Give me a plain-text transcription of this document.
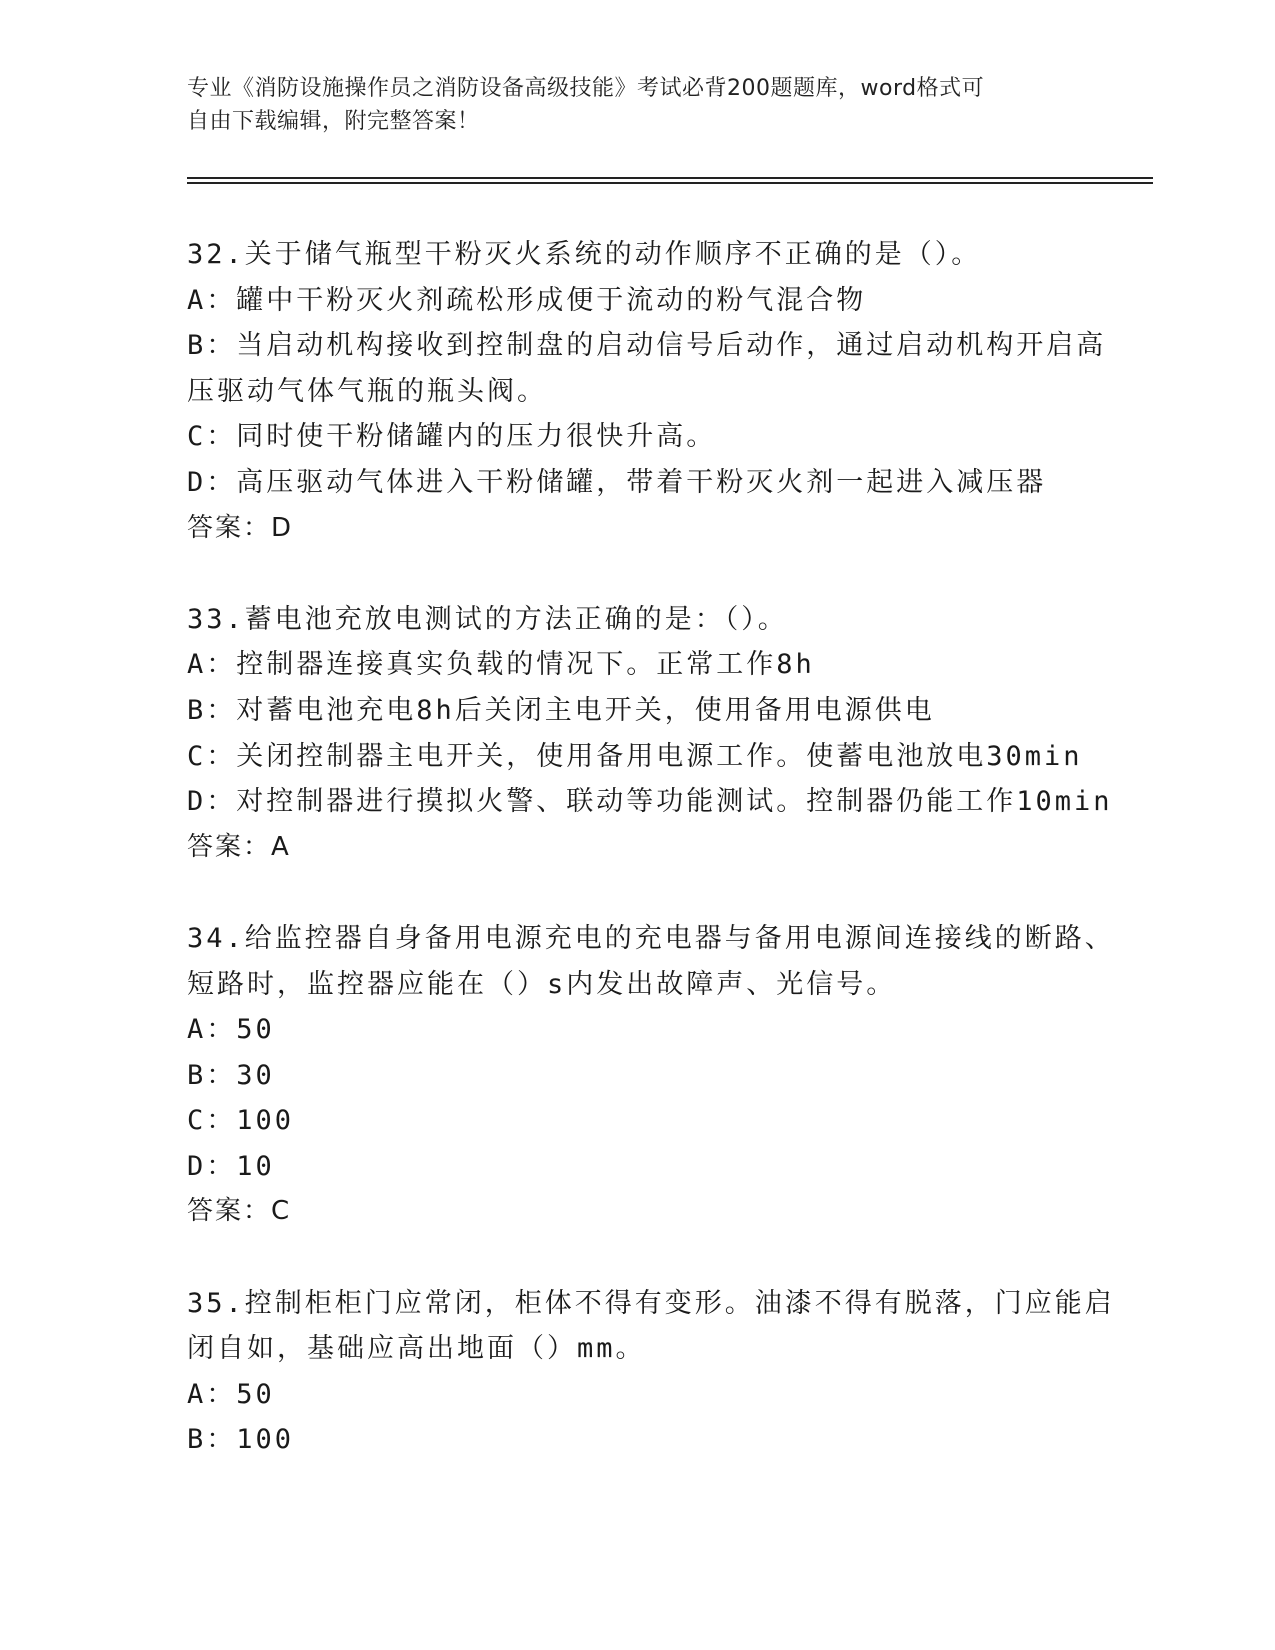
专业《消防设施操作员之消防设备高级技能》考试必背200题题库，word格式可
自由下载编辑，附完整答案！
32.关于储气瓶型干粉灭火系统的动作顺序不正确的是（）。
A：罐中干粉灭火剂疏松形成便于流动的粉气混合物
B：当启动机构接收到控制盘的启动信号后动作，通过启动机构开启高
压驱动气体气瓶的瓶头阀。
C：同时使干粉储罐内的压力很快升高。
D：高压驱动气体进入干粉储罐，带着干粉灭火剂一起进入减压器
答案：D
33.蓄电池充放电测试的方法正确的是：（）。
A：控制器连接真实负载的情况下。正常工作8h
B：对蓄电池充电8h后关闭主电开关，使用备用电源供电
C：关闭控制器主电开关，使用备用电源工作。使蓄电池放电30min
D：对控制器进行摸拟火警、联动等功能测试。控制器仍能工作10min
答案：A
34.给监控器自身备用电源充电的充电器与备用电源间连接线的断路、
短路时，监控器应能在（）s内发出故障声、光信号。
A：50
B：30
C：100
D：10
答案：C
35.控制柜柜门应常闭，柜体不得有变形。油漆不得有脱落，门应能启
闭自如，基础应高出地面（）mm。
A：50
B：100
